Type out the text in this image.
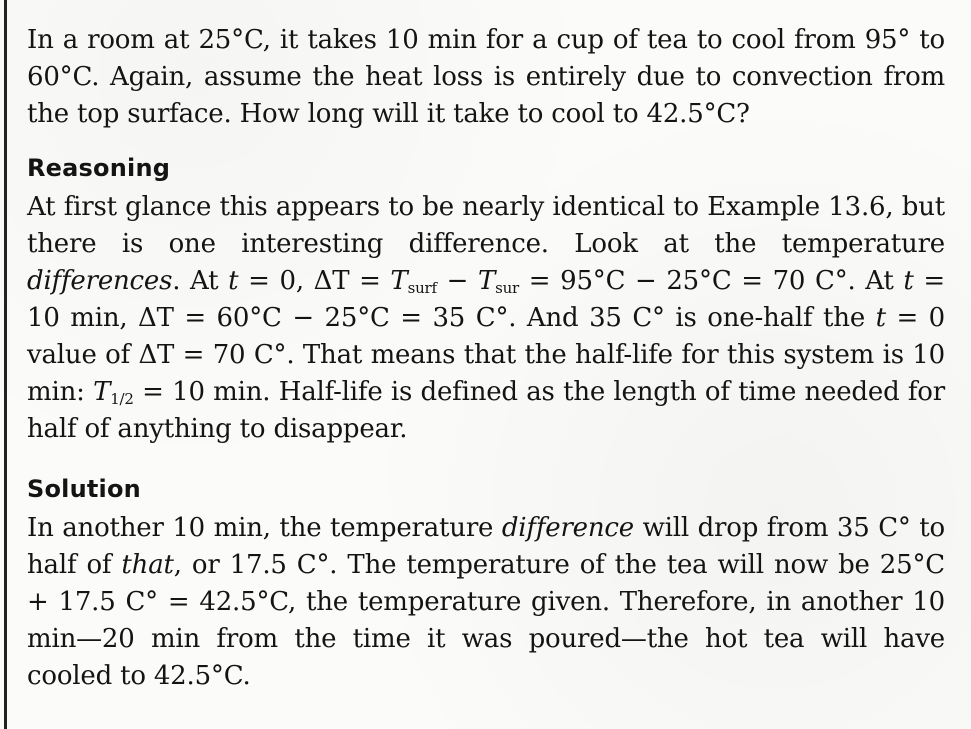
In a room at 25°C, it takes 10 min for a cup of tea to cool from 95° to 60°C. Again, assume the heat loss is entirely due to convection from the top surface. How long will it take to cool to 42.5°C?

Reasoning

At first glance this appears to be nearly identical to Example 13.6, but there is one interesting difference. Look at the temperature differences. At t = 0, $\Delta T = T_{surf} - T_{sur} = 95^\circ C - 25^\circ C = 70$ C°. At t = 10 min, ΔT = 60°C − 25°C = 35 C°. And 35 C° is one-half the t = 0 value of ΔT = 70 C°. That means that the half-life for this system is 10 min: $T_{1/2} = 10$ min. Half-life is defined as the length of time needed for half of anything to disappear.

Solution

In another 10 min, the temperature difference will drop from 35 C° to half of that, or 17.5 C°. The temperature of the tea will now be 25°C + 17.5 C° = 42.5°C, the temperature given. Therefore, in another 10 min—20 min from the time it was poured—the hot tea will have cooled to 42.5°C.
